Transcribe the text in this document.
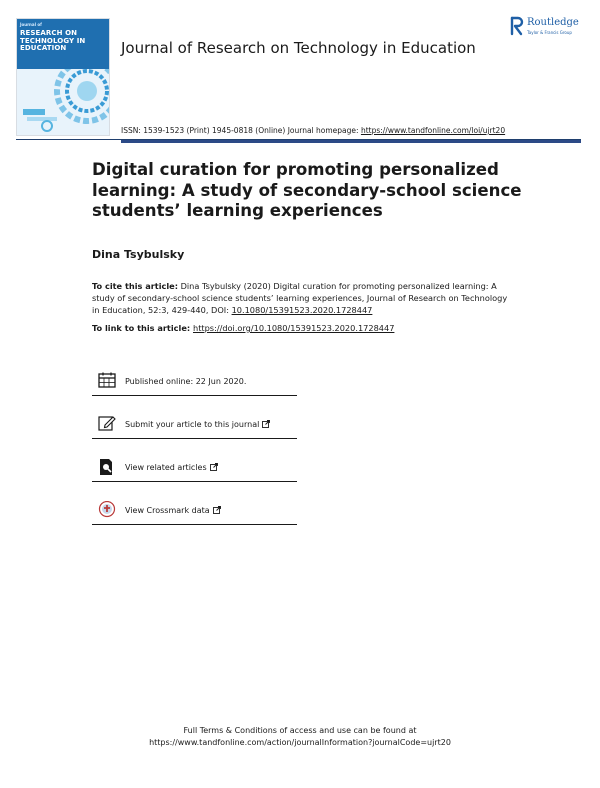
Journal of
RESEARCH ON TECHNOLOGY IN EDUCATION	Journal of Research on Technology in Education
Routledge
Taylor & Francis Group
ISSN: 1539-1523 (Print) 1945-0818 (Online) Journal homepage: https://www.tandfonline.com/loi/ujrt20
Digital curation for promoting personalized learning: A study of secondary-school science students’ learning experiences
Dina Tsybulsky
To cite this article: Dina Tsybulsky (2020) Digital curation for promoting personalized learning: A study of secondary-school science students’ learning experiences, Journal of Research on Technology in Education, 52:3, 429-440, DOI: 10.1080/15391523.2020.1728447
To link to this article: https://doi.org/10.1080/15391523.2020.1728447
Published online: 22 Jun 2020.
Submit your article to this journal
View related articles
View Crossmark data
Full Terms & Conditions of access and use can be found at
https://www.tandfonline.com/action/journalInformation?journalCode=ujrt20
